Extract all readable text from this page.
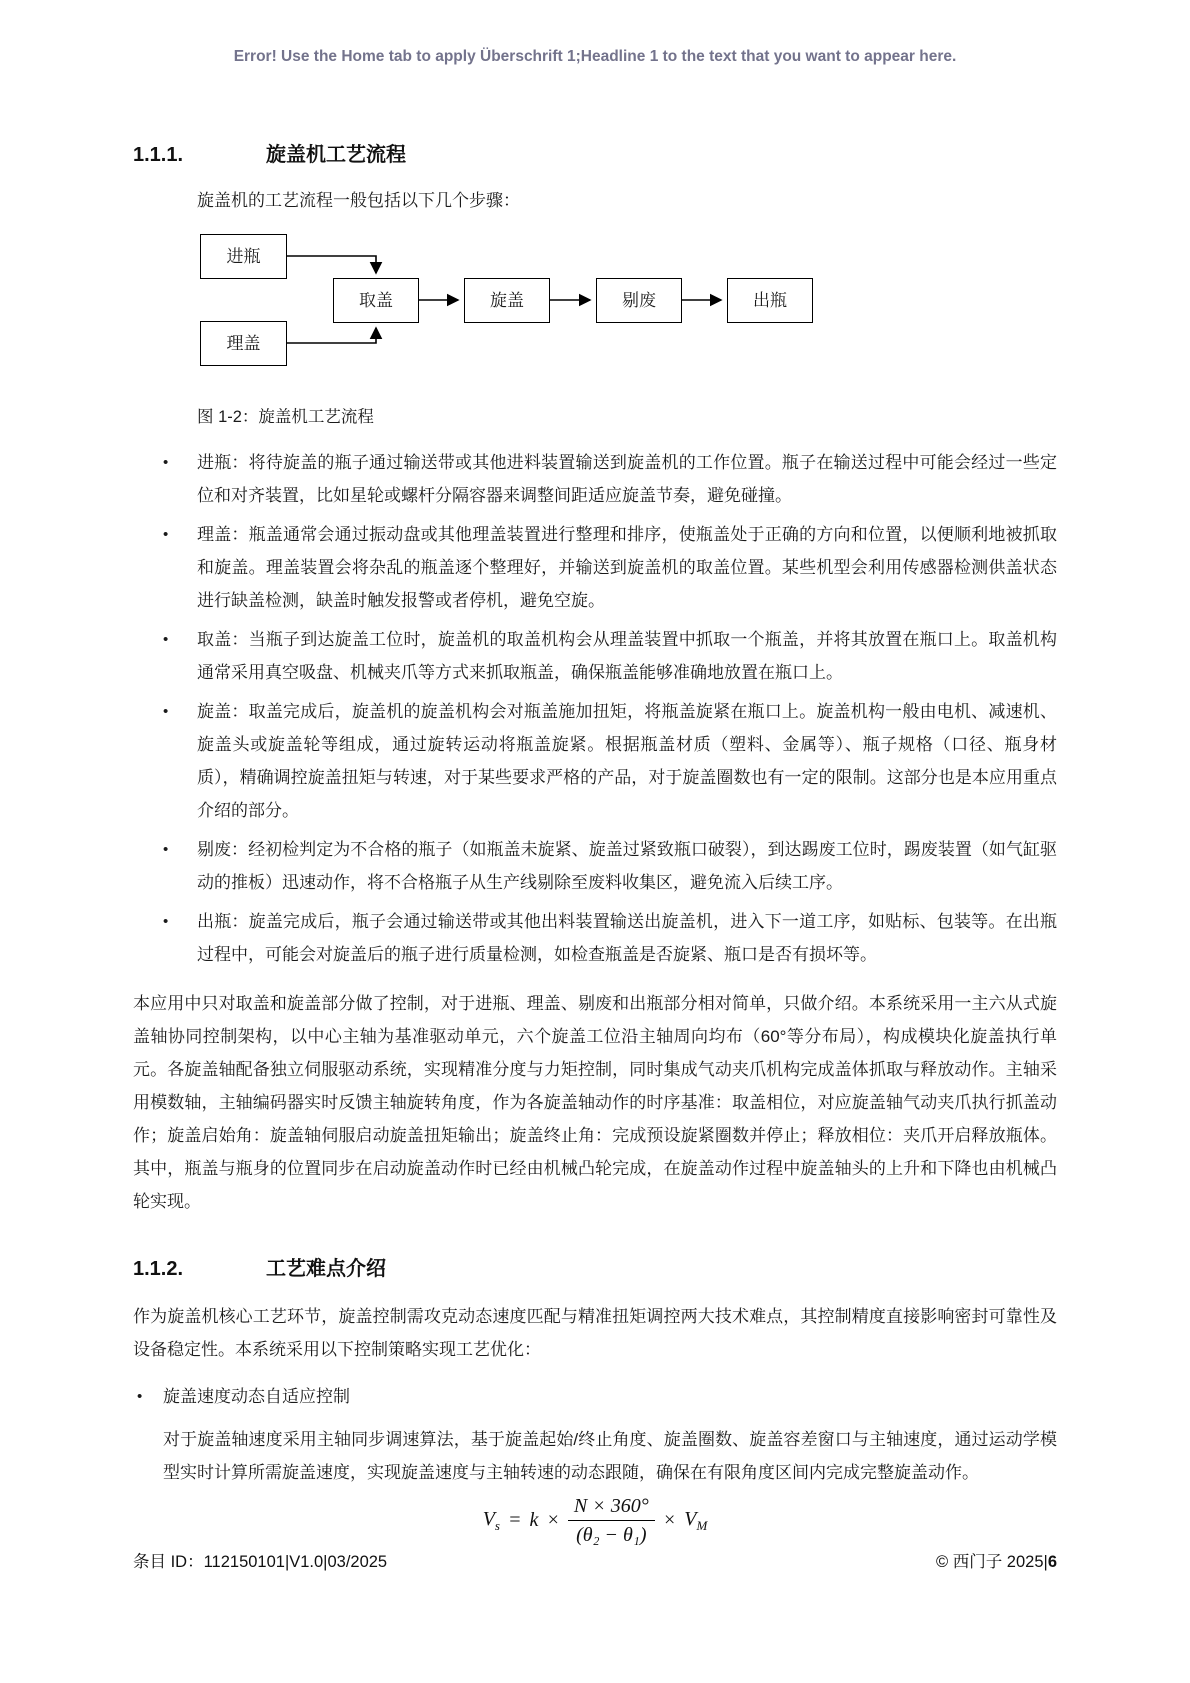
Error! Use the Home tab to apply Überschrift 1;Headline 1 to the text that you want to appear here.
1.1.1.	旋盖机工艺流程

旋盖机的工艺流程一般包括以下几个步骤：

进瓶
理盖
取盖	旋盖	剔废	出瓶
图 1-2：旋盖机工艺流程
•	进瓶：将待旋盖的瓶子通过输送带或其他进料装置输送到旋盖机的工作位置。瓶子在输送过程中可能会经过一些定位和对齐装置，比如星轮或螺杆分隔容器来调整间距适应旋盖节奏，避免碰撞。
•	理盖：瓶盖通常会通过振动盘或其他理盖装置进行整理和排序，使瓶盖处于正确的方向和位置，以便顺利地被抓取和旋盖。理盖装置会将杂乱的瓶盖逐个整理好，并输送到旋盖机的取盖位置。某些机型会利用传感器检测供盖状态进行缺盖检测，缺盖时触发报警或者停机，避免空旋。
•	取盖：当瓶子到达旋盖工位时，旋盖机的取盖机构会从理盖装置中抓取一个瓶盖，并将其放置在瓶口上。取盖机构通常采用真空吸盘、机械夹爪等方式来抓取瓶盖，确保瓶盖能够准确地放置在瓶口上。
•	旋盖：取盖完成后，旋盖机的旋盖机构会对瓶盖施加扭矩，将瓶盖旋紧在瓶口上。旋盖机构一般由电机、减速机、旋盖头或旋盖轮等组成，通过旋转运动将瓶盖旋紧。根据瓶盖材质（塑料、金属等）、瓶子规格（口径、瓶身材质），精确调控旋盖扭矩与转速，对于某些要求严格的产品，对于旋盖圈数也有一定的限制。这部分也是本应用重点介绍的部分。
•	剔废：经初检判定为不合格的瓶子（如瓶盖未旋紧、旋盖过紧致瓶口破裂），到达踢废工位时，踢废装置（如气缸驱动的推板）迅速动作，将不合格瓶子从生产线剔除至废料收集区，避免流入后续工序。
•	出瓶：旋盖完成后，瓶子会通过输送带或其他出料装置输送出旋盖机，进入下一道工序，如贴标、包装等。在出瓶过程中，可能会对旋盖后的瓶子进行质量检测，如检查瓶盖是否旋紧、瓶口是否有损坏等。

本应用中只对取盖和旋盖部分做了控制，对于进瓶、理盖、剔废和出瓶部分相对简单，只做介绍。本系统采用一主六从式旋盖轴协同控制架构，以中心主轴为基准驱动单元，六个旋盖工位沿主轴周向均布（60°等分布局），构成模块化旋盖执行单元。各旋盖轴配备独立伺服驱动系统，实现精准分度与力矩控制，同时集成气动夹爪机构完成盖体抓取与释放动作。主轴采用模数轴，主轴编码器实时反馈主轴旋转角度，作为各旋盖轴动作的时序基准：取盖相位，对应旋盖轴气动夹爪执行抓盖动作；旋盖启始角：旋盖轴伺服启动旋盖扭矩输出；旋盖终止角：完成预设旋紧圈数并停止；释放相位：夹爪开启释放瓶体。其中，瓶盖与瓶身的位置同步在启动旋盖动作时已经由机械凸轮完成，在旋盖动作过程中旋盖轴头的上升和下降也由机械凸轮实现。

1.1.2.	工艺难点介绍

作为旋盖机核心工艺环节，旋盖控制需攻克动态速度匹配与精准扭矩调控两大技术难点，其控制精度直接影响密封可靠性及设备稳定性。本系统采用以下控制策略实现工艺优化：

•	旋盖速度动态自适应控制

对于旋盖轴速度采用主轴同步调速算法，基于旋盖起始/终止角度、旋盖圈数、旋盖容差窗口与主轴速度，通过运动学模型实时计算所需旋盖速度，实现旋盖速度与主轴转速的动态跟随，确保在有限角度区间内完成完整旋盖动作。

$V_s = k \times \frac{N \times 360^\circ}{\text{(θ₂ − θ₁)}} \times V_M$
条目 ID：112150101|V1.0|03/2025	© 西门子 2025|6
